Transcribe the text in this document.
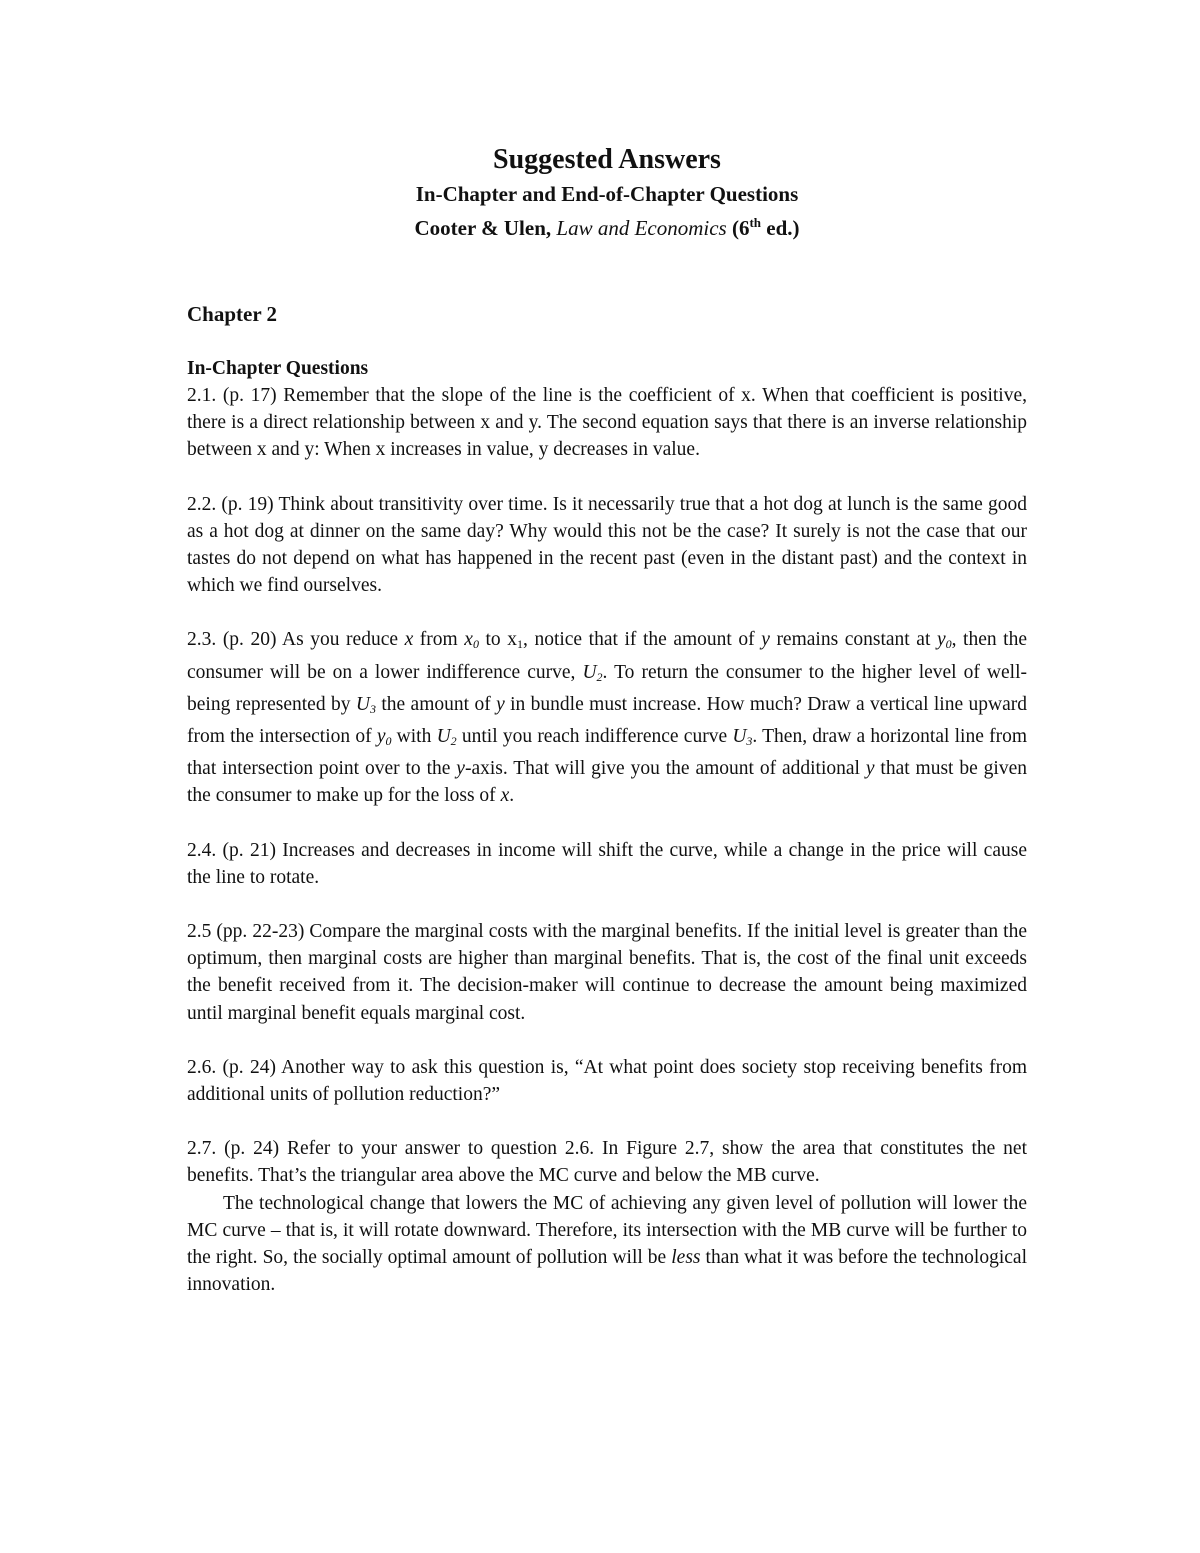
Suggested Answers
In-Chapter and End-of-Chapter Questions
Cooter & Ulen, Law and Economics (6th ed.)
Chapter 2
In-Chapter Questions

2.1. (p. 17) Remember that the slope of the line is the coefficient of x. When that coefficient is positive, there is a direct relationship between x and y. The second equation says that there is an inverse relationship between x and y: When x increases in value, y decreases in value.

2.2. (p. 19) Think about transitivity over time. Is it necessarily true that a hot dog at lunch is the same good as a hot dog at dinner on the same day? Why would this not be the case? It surely is not the case that our tastes do not depend on what has happened in the recent past (even in the distant past) and the context in which we find ourselves.

2.3. (p. 20) As you reduce x from $x_0$ to $x_1$, notice that if the amount of y remains constant at $y_0$, then the consumer will be on a lower indifference curve, $U_2$. To return the consumer to the higher level of well-being represented by $U_3$ the amount of y in bundle must increase. How much? Draw a vertical line upward from the intersection of $y_0$ with $U_2$ until you reach indifference curve $U_3$. Then, draw a horizontal line from that intersection point over to the y-axis. That will give you the amount of additional y that must be given the consumer to make up for the loss of x.

2.4. (p. 21) Increases and decreases in income will shift the curve, while a change in the price will cause the line to rotate.

2.5 (pp. 22-23) Compare the marginal costs with the marginal benefits. If the initial level is greater than the optimum, then marginal costs are higher than marginal benefits. That is, the cost of the final unit exceeds the benefit received from it. The decision-maker will continue to decrease the amount being maximized until marginal benefit equals marginal cost.

2.6. (p. 24) Another way to ask this question is, “At what point does society stop receiving benefits from additional units of pollution reduction?”

2.7. (p. 24) Refer to your answer to question 2.6. In Figure 2.7, show the area that constitutes the net benefits. That’s the triangular area above the MC curve and below the MB curve.

The technological change that lowers the MC of achieving any given level of pollution will lower the MC curve – that is, it will rotate downward. Therefore, its intersection with the MB curve will be further to the right. So, the socially optimal amount of pollution will be less than what it was before the technological innovation.
